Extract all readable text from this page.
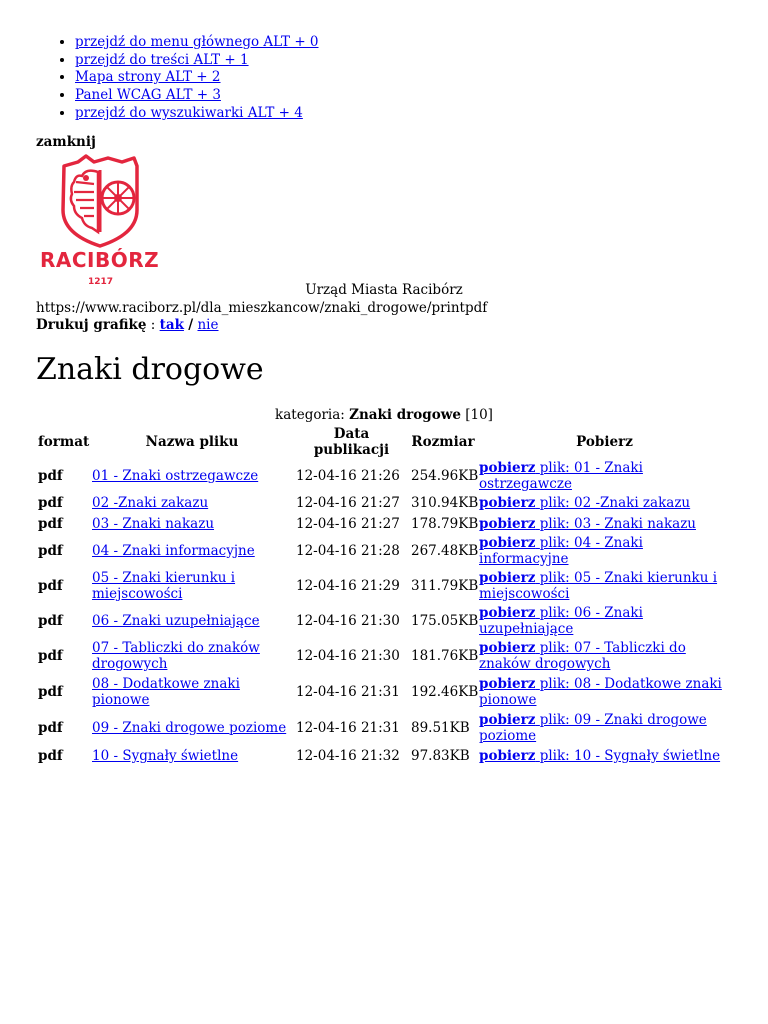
• przejdź do menu głównego ALT + 0
• przejdź do treści ALT + 1
• Mapa strony ALT + 2
• Panel WCAG ALT + 3
• przejdź do wyszukiwarki ALT + 4
zamknij
RACIBÓRZ
1217	Urząd Miasta Racibórz
https://www.raciborz.pl/dla_mieszkancow/znaki_drogowe/printpdf
Drukuj grafikę : tak / nie
Znaki drogowe
kategoria: Znaki drogowe [10]
format	Nazwa pliku	Data publikacji	Rozmiar	Pobierz
pdf	01 - Znaki ostrzegawcze	12-04-16 21:26	254.96KB	pobierz plik: 01 - Znaki ostrzegawcze
pdf	02 -Znaki zakazu	12-04-16 21:27	310.94KB	pobierz plik: 02 -Znaki zakazu
pdf	03 - Znaki nakazu	12-04-16 21:27	178.79KB	pobierz plik: 03 - Znaki nakazu
pdf	04 - Znaki informacyjne	12-04-16 21:28	267.48KB	pobierz plik: 04 - Znaki informacyjne
pdf	05 - Znaki kierunku i miejscowości	12-04-16 21:29	311.79KB	pobierz plik: 05 - Znaki kierunku i miejscowości
pdf	06 - Znaki uzupełniające	12-04-16 21:30	175.05KB	pobierz plik: 06 - Znaki uzupełniające
pdf	07 - Tabliczki do znaków drogowych	12-04-16 21:30	181.76KB	pobierz plik: 07 - Tabliczki do znaków drogowych
pdf	08 - Dodatkowe znaki pionowe	12-04-16 21:31	192.46KB	pobierz plik: 08 - Dodatkowe znaki pionowe
pdf	09 - Znaki drogowe poziome	12-04-16 21:31	89.51KB	pobierz plik: 09 - Znaki drogowe poziome
pdf	10 - Sygnały świetlne	12-04-16 21:32	97.83KB	pobierz plik: 10 - Sygnały świetlne
